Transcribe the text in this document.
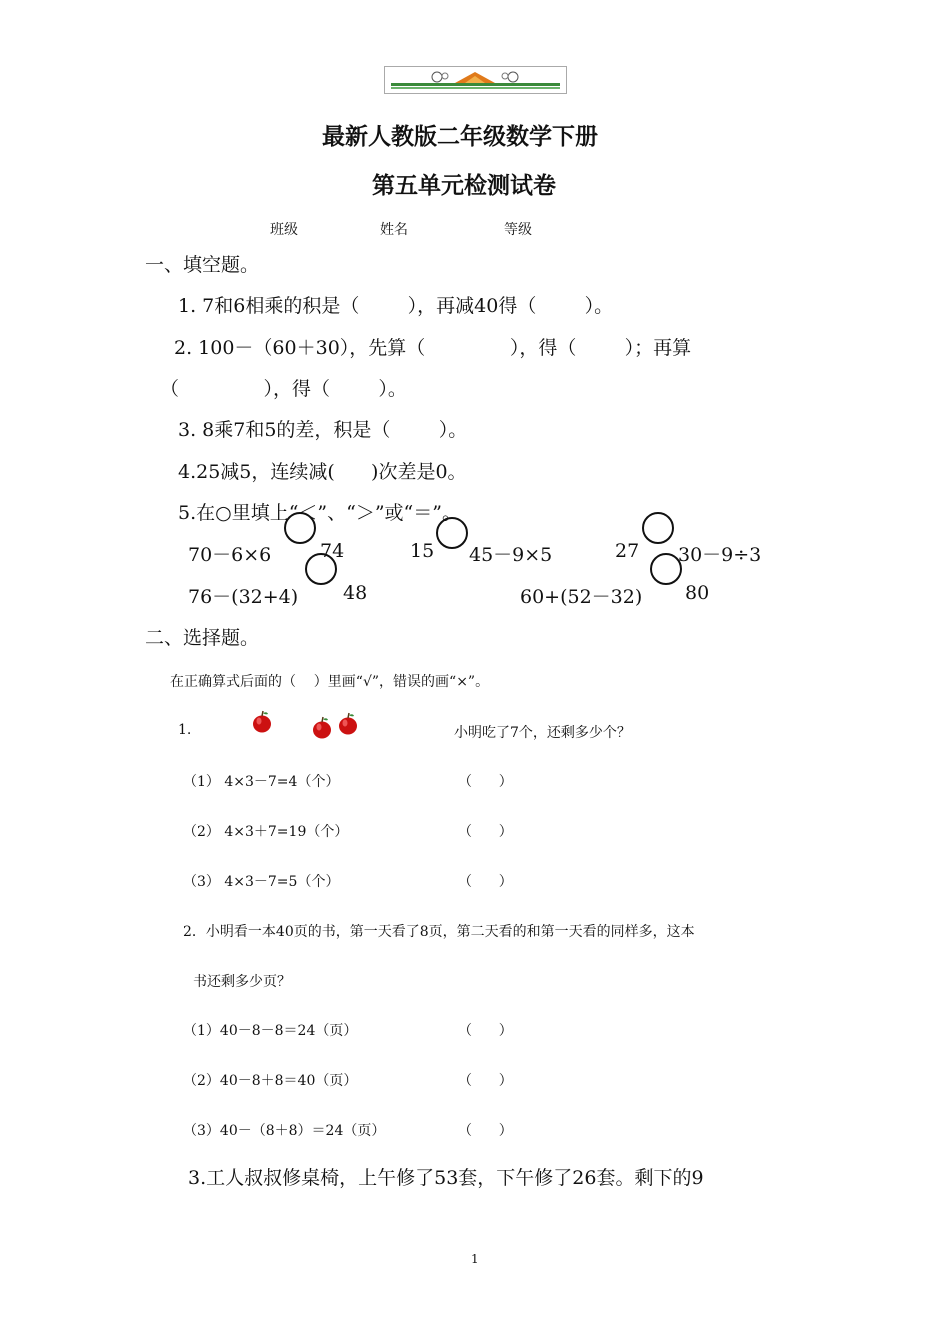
最新人教版二年级数学下册
第五单元检测试卷
班级	姓名	等级
一、填空题。
1. 7和6相乘的积是（        ），再减40得（        ）。
2. 100－（60＋30），先算（              ），得（        ）；再算
（              ），得（        ）。
3. 8乘7和5的差，积是（        ）。
4.25减5，连续减(      )次差是0。
5.在○里填上“＜”、“＞”或“＝”。
70－6×6	74	15 45－9×5	27 30－9÷3
76－(32+4) 48	60+(52－32) 80
二、选择题。
在正确算式后面的（    ）里画“√”，错误的画“×”。
1.	小明吃了7个，还剩多少个？
（1） 4×3－7=4（个）	（      ）
（2） 4×3＋7=19（个）	（      ）
（3） 4×3－7=5（个）	（      ）
2．小明看一本40页的书，第一天看了8页，第二天看的和第一天看的同样多，这本
书还剩多少页？
（1）40－8－8＝24（页）	（      ）
（2）40－8＋8＝40（页）	（      ）
（3）40－（8＋8）＝24（页）	（      ）
3.工人叔叔修桌椅，上午修了53套，下午修了26套。剩下的9
1
